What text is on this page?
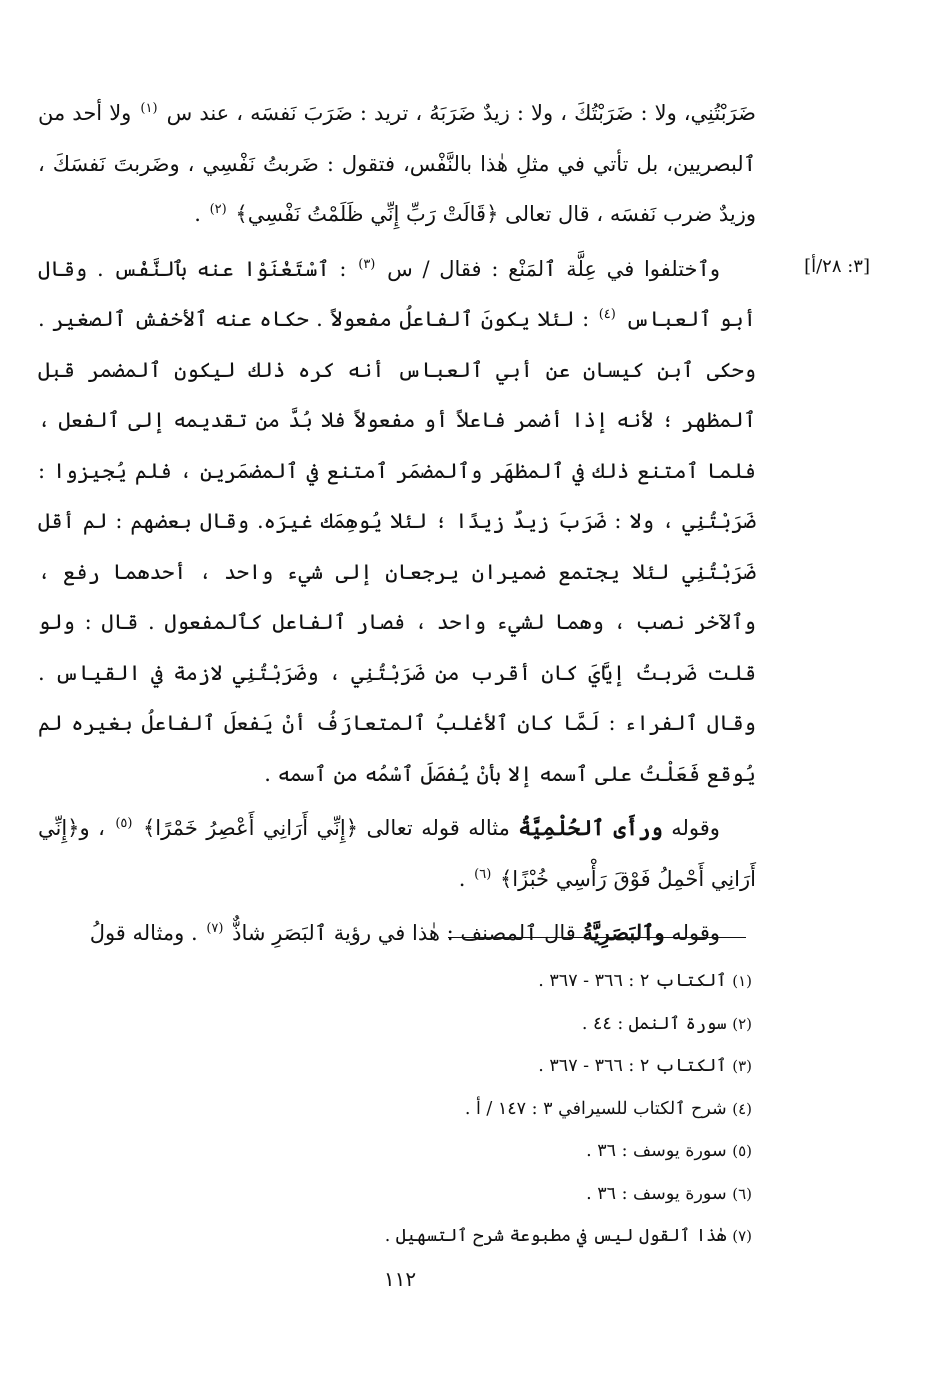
[٣: ٢٨/أ]

ضَرَبْتُنِي، ولا : ضَرَبْتُكَ ، ولا : زيدٌ ضَرَبَهُ ، تريد : ضَرَبَ نَفسَه ، عند س $^{(١)}$ ولا أحد من ٱلبصريين، بل تأتي في مثلِ هٰذا بالنَّفْس، فتقول : ضَربتُ نَفْسِي ، وضَربتَ نَفسَكَ ، وزيدٌ ضرب نَفسَه ، قال تعالى ﴿قَالَتْ رَبِّ إِنِّي ظَلَمْتُ نَفْسِي﴾ $^{(٢)}$ .

وٱختلفوا في عِلَّة ٱلمَنْع : فقال / س $^{(٣)}$ : ٱسْتَغْنَوْا عنه بٱلنَّفْس . وقال أبو ٱلعباس $^{(٤)}$ : لئلا يكونَ ٱلفاعلُ مفعولاً . حكاه عنه ٱلأخفش ٱلصغير . وحكى ٱبن كيسان عن أبي ٱلعباس أنه كره ذٰلك ليكون ٱلمضمر قبل ٱلمظهر ؛ لأنه إذا أضمر فاعلاً أو مفعولاً فلا بُدَّ من تقديمه إلى ٱلفعل ، فلما ٱمتنع ذٰلك في ٱلمظهَر وٱلمضمَر ٱمتنع في ٱلمضمَرين ، فلم يُجيزوا : ضَرَبْتُنِي ، ولا : ضَرَبَ زيدٌ زيدًا ؛ لئلا يُوهِمَك غيرَه. وقال بعضهم : لم أقل ضَرَبْتُنِي لئلا يجتمع ضميران يرجعان إلى شيء واحد ، أحدهما رفع ، وٱلآخر نصب ، وهما لشيء واحد ، فصار ٱلفاعل كٱلمفعول . قال : ولو قلت ضَربتُ إيَّايَ كان أقرب من ضَرَبْتُنِي ، وضَرَبْتُنِي لازمة في القياس . وقال ٱلفراء : لَمَّا كان ٱلأغلبُ ٱلمتعارَفُ أنْ يَفعلَ ٱلفاعلُ بغيره لم يُوقع فَعَلْتُ على ٱسمه إلا بأنْ يُفصَلَ ٱسْمُه من ٱسمه .

وقوله ورأَى ٱلحُلْمِيَّةُ مثاله قوله تعالى ﴿إِنِّي أَرَانِي أَعْصِرُ خَمْرًا﴾ $^{(٥)}$ ، و﴿إِنِّي أَرَانِي أَحْمِلُ فَوْقَ رَأْسِي خُبْزًا﴾ $^{(٦)}$ .

وقوله وٱلبَصَرِيَّةُ قال ٱلمصنف : هٰذا في رؤية ٱلبَصَرِ شاذٌّ $^{(٧)}$ . ومثاله قولُ

(١) ٱلكتاب ٢ : ٣٦٦ - ٣٦٧ .

(٢) سورة ٱلنمل : ٤٤ .

(٣) ٱلكتاب ٢ : ٣٦٦ - ٣٦٧ .

(٤) شرح ٱلكتاب للسيرافي ٣ : ١٤٧ / أ .

(٥) سورة يوسف : ٣٦ .

(٦) سورة يوسف : ٣٦ .

(٧) هٰذا ٱلقول ليس في مطبوعة شرح ٱلتسهيل .

١١٢
